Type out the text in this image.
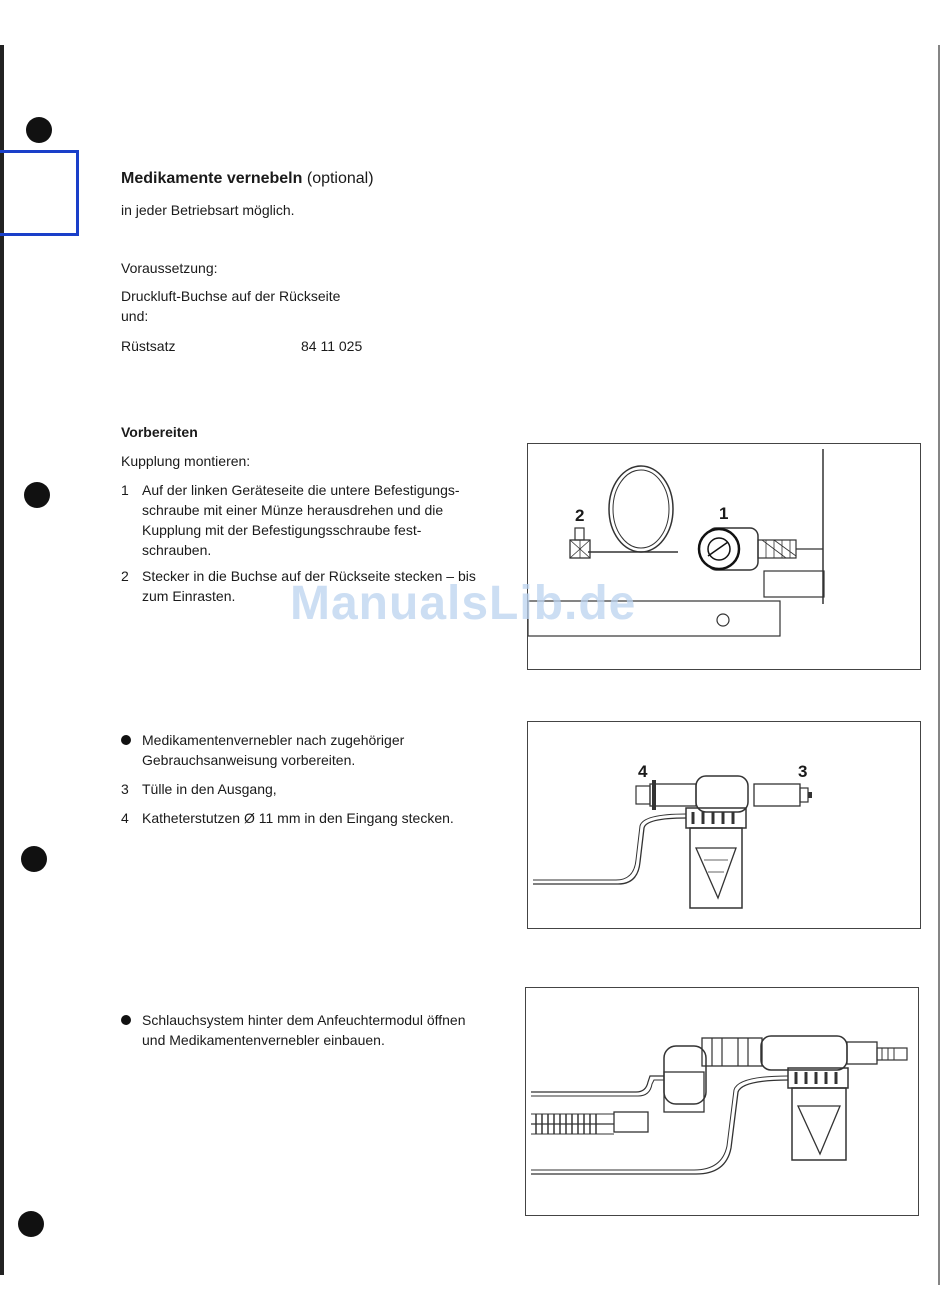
Medikamente vernebeln (optional)
in jeder Betriebsart möglich.
Voraussetzung:
Druckluft-Buchse auf der Rückseite
und:
Rüstsatz	84 11 025
Vorbereiten
Kupplung montieren:
1 Auf der linken Geräteseite die untere Befestigungs-
schraube mit einer Münze herausdrehen und die
Kupplung mit der Befestigungsschraube fest-
schrauben.
2 Stecker in die Buchse auf der Rückseite stecken – bis
zum Einrasten.
Medikamentenvernebler nach zugehöriger
Gebrauchsanweisung vorbereiten.
3 Tülle in den Ausgang,
4 Katheterstutzen Ø 11 mm in den Eingang stecken.
Schlauchsystem hinter dem Anfeuchtermodul öffnen
und Medikamentenvernebler einbauen.
1
2
4	3
ManualsLib.de
